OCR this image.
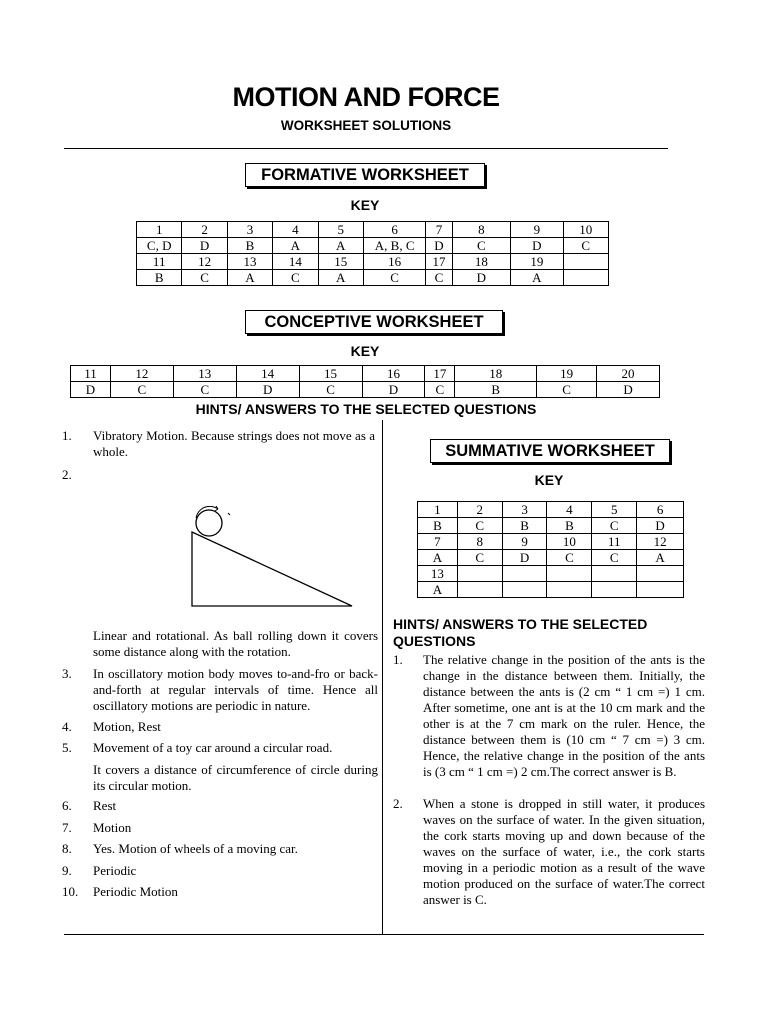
MOTION AND FORCE
WORKSHEET SOLUTIONS
FORMATIVE WORKSHEET
KEY
1	2	3	4	5	6	7	8	9	10
C, D	D	B	A	A	A, B, C	D	C	D	C
11	12	13	14	15	16	17	18	19	
B	C	A	C	A	C	C	D	A	
CONCEPTIVE WORKSHEET
KEY
11	12	13	14	15	16	17	18	19	20
D	C	C	D	C	D	C	B	C	D
HINTS/ ANSWERS TO THE SELECTED QUESTIONS
1. Vibratory Motion. Because strings does not move as a whole.
2.
Linear and rotational. As ball rolling down it covers some distance along with the rotation.
3. In oscillatory motion body moves to-and-fro or back-and-forth at regular intervals of time. Hence all oscillatory motions are periodic in nature.
4. Motion, Rest
5. Movement of a toy car around a circular road.
It covers a distance of circumference of circle during its circular motion.
6. Rest
7. Motion
8. Yes. Motion of wheels of a moving car.
9. Periodic
10. Periodic Motion
SUMMATIVE WORKSHEET
KEY
1	2	3	4	5	6
B	C	B	B	C	D
7	8	9	10	11	12
A	C	D	C	C	A
13					
A					
HINTS/ ANSWERS TO THE SELECTED QUESTIONS
1. The relative change in the position of the ants is the change in the distance between them. Initially, the distance between the ants is (2 cm “ 1 cm =) 1 cm. After sometime, one ant is at the 10 cm mark and the other is at the 7 cm mark on the ruler. Hence, the distance between them is (10 cm “ 7 cm =) 3 cm. Hence, the relative change in the position of the ants is (3 cm “ 1 cm =) 2 cm.The correct answer is B.
2. When a stone is dropped in still water, it produces waves on the surface of water. In the given situation, the cork starts moving up and down because of the waves on the surface of water, i.e., the cork starts moving in a periodic motion as a result of the wave motion produced on the surface of water.The correct answer is C.
